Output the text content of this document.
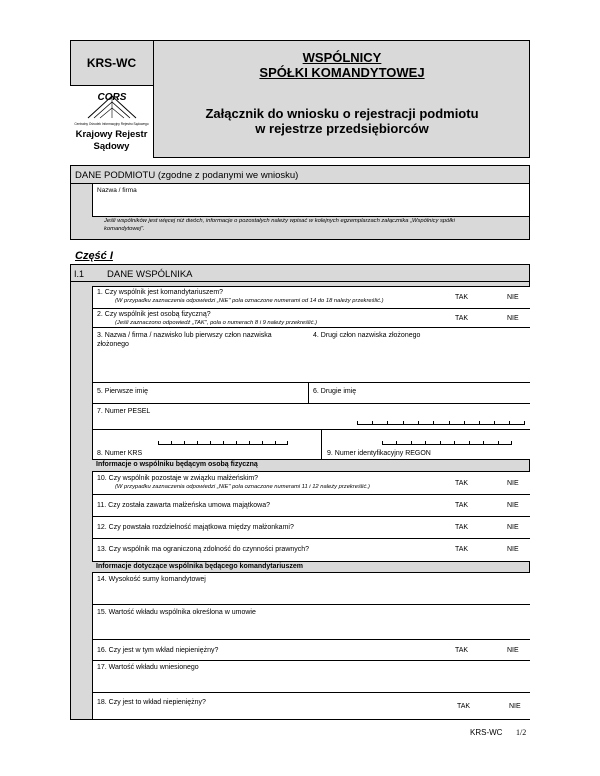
KRS-WC
CORS
Centralny Ośrodek Informacyjny Rejestru Sądowego
Krajowy Rejestr
Sądowy
WSPÓLNICY
SPÓŁKI KOMANDYTOWEJ
Załącznik do wniosku o rejestracji podmiotu
w rejestrze przedsiębiorców
DANE PODMIOTU (zgodne z podanymi we wniosku)
Nazwa / firma
Jeśli wspólników jest więcej niż dwóch, informacje o pozostałych należy wpisać w kolejnych egzemplarzach załącznika „Wspólnicy spółki
komandytowej".
Część I
I.1 DANE WSPÓLNIKA
1. Czy wspólnik jest komandytariuszem?
(W przypadku zaznaczenia odpowiedzi „NIE" pola oznaczone numerami od 14 do 18 należy przekreślić.)	TAK	NIE
2. Czy wspólnik jest osobą fizyczną?
(Jeśli zaznaczono odpowiedź „TAK", pola o numerach 8 i 9 należy przekreślić.)
TAK	NIE
3. Nazwa / firma / nazwisko lub pierwszy człon nazwiska
złożonego
4. Drugi człon nazwiska złożonego
5. Pierwsze imię	6. Drugie imię
7. Numer PESEL
8. Numer KRS	9. Numer identyfikacyjny REGON
Informacje o wspólniku będącym osobą fizyczną
10. Czy wspólnik pozostaje w związku małżeńskim?
(W przypadku zaznaczenia odpowiedzi „NIE" pola oznaczone numerami 11 i 12 należy przekreślić.)	TAK	NIE
11. Czy została zawarta małżeńska umowa majątkowa?	TAK	NIE
12. Czy powstała rozdzielność majątkowa między małżonkami?	TAK	NIE
13. Czy wspólnik ma ograniczoną zdolność do czynności prawnych?	TAK	NIE
Informacje dotyczące wspólnika będącego komandytariuszem
14. Wysokość sumy komandytowej
15. Wartość wkładu wspólnika określona w umowie
16. Czy jest w tym wkład niepieniężny?	TAK	NIE
17. Wartość wkładu wniesionego
18. Czy jest to wkład niepieniężny?
TAK	NIE
KRS-WC 1/2
